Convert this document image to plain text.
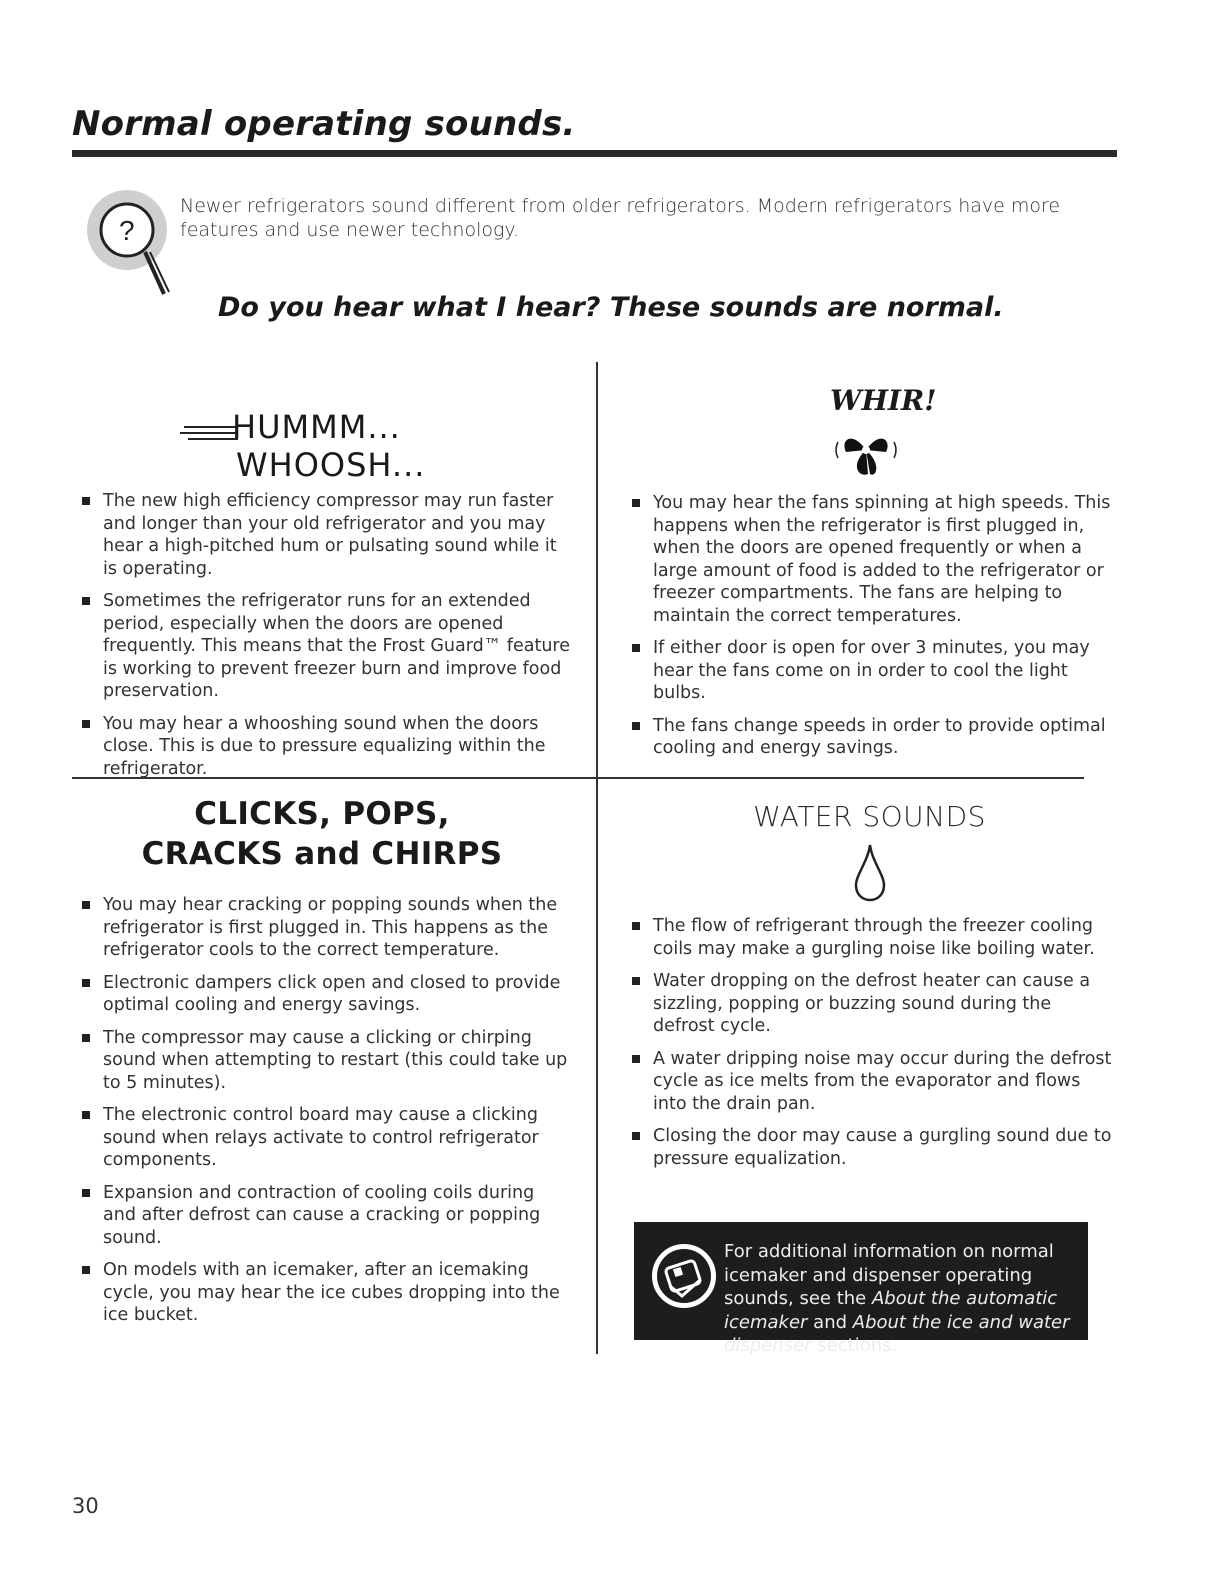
Normal operating sounds.
?
Newer refrigerators sound different from older refrigerators. Modern refrigerators have more features and use newer technology.
Do you hear what I hear? These sounds are normal.
HUMMM...
WHOOSH...
The new high efficiency compressor may run faster and longer than your old refrigerator and you may hear a high-pitched hum or pulsating sound while it is operating.
Sometimes the refrigerator runs for an extended period, especially when the doors are opened frequently. This means that the Frost Guard™ feature is working to prevent freezer burn and improve food preservation.
You may hear a whooshing sound when the doors close. This is due to pressure equalizing within the refrigerator.
WHIR!
You may hear the fans spinning at high speeds. This happens when the refrigerator is first plugged in, when the doors are opened frequently or when a large amount of food is added to the refrigerator or freezer compartments. The fans are helping to maintain the correct temperatures.
If either door is open for over 3 minutes, you may hear the fans come on in order to cool the light bulbs.
The fans change speeds in order to provide optimal cooling and energy savings.
CLICKS, POPS,
CRACKS and CHIRPS
You may hear cracking or popping sounds when the refrigerator is first plugged in. This happens as the refrigerator cools to the correct temperature.
Electronic dampers click open and closed to provide optimal cooling and energy savings.
The compressor may cause a clicking or chirping sound when attempting to restart (this could take up to 5 minutes).
The electronic control board may cause a clicking sound when relays activate to control refrigerator components.
Expansion and contraction of cooling coils during and after defrost can cause a cracking or popping sound.
On models with an icemaker, after an icemaking cycle, you may hear the ice cubes dropping into the ice bucket.
WATER SOUNDS
The flow of refrigerant through the freezer cooling coils may make a gurgling noise like boiling water.
Water dropping on the defrost heater can cause a sizzling, popping or buzzing sound during the defrost cycle.
A water dripping noise may occur during the defrost cycle as ice melts from the evaporator and flows into the drain pan.
Closing the door may cause a gurgling sound due to pressure equalization.
For additional information on normal icemaker and dispenser operating sounds, see the About the automatic icemaker and About the ice and water dispenser sections.
30
